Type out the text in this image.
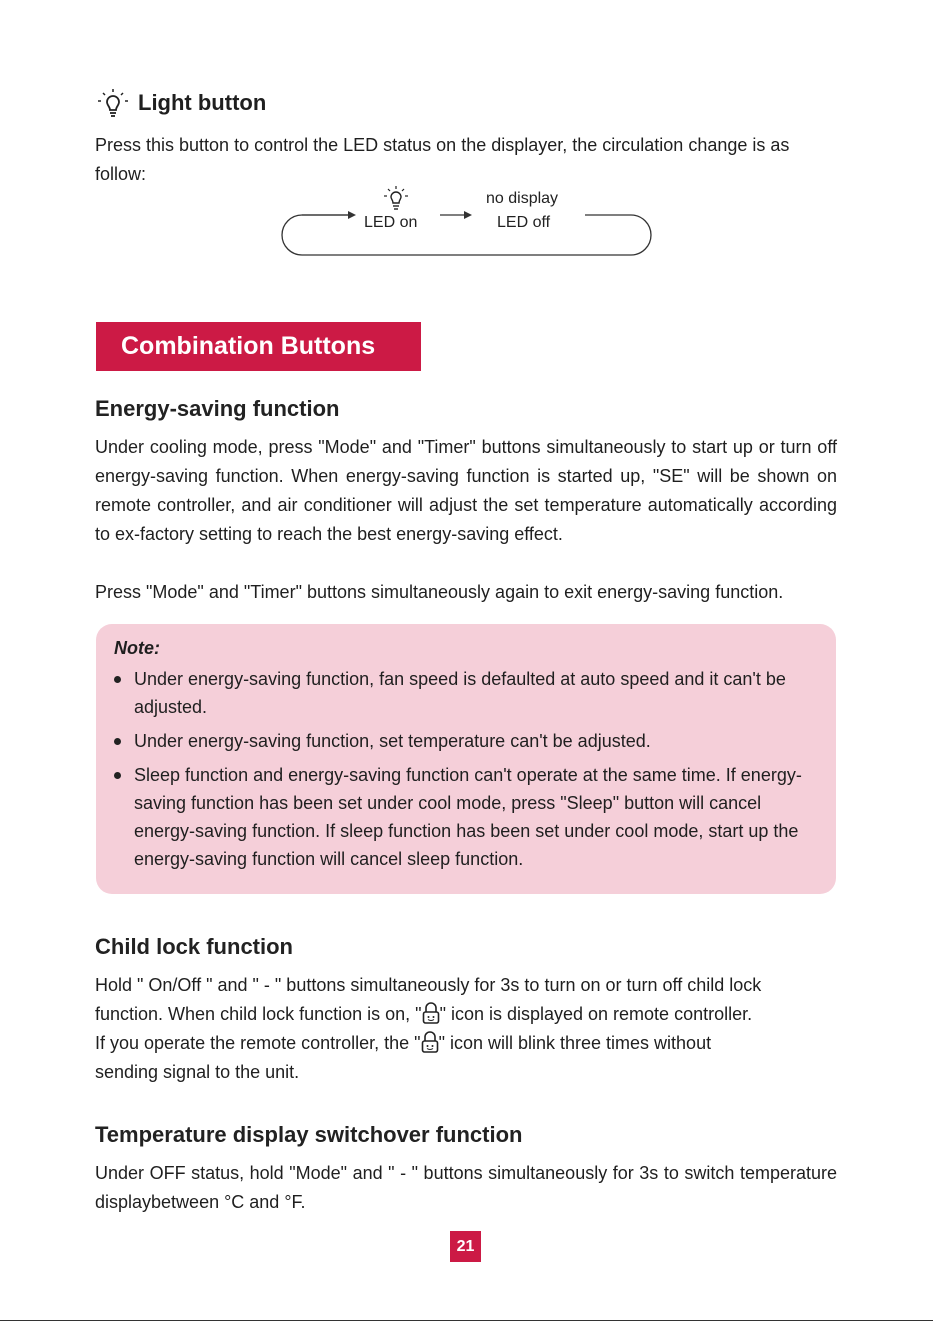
Light button

Press this button to control the LED status on the displayer, the circulation change is as follow:

LED on
no display
LED off
Combination Buttons
Energy-saving function

Under cooling mode, press "Mode" and "Timer" buttons simultaneously to start up or turn off energy-saving function. When energy-saving function is started up, "SE" will be shown on remote controller, and air conditioner will adjust the set temperature automatically according to ex-factory setting to reach the best energy-saving effect.

Press "Mode" and "Timer" buttons simultaneously again to exit energy-saving function.

Note:

Under energy-saving function, fan speed is defaulted at auto speed and it can't be adjusted.
Under energy-saving function, set temperature can't be adjusted.
Sleep function and energy-saving function can't operate at the same time. If energy-saving function has been set under cool mode, press "Sleep" button will cancel energy-saving function. If sleep function has been set under cool mode, start up the energy-saving function will cancel sleep function.
Child lock function

Hold " On/Off " and " - " buttons simultaneously for 3s to turn on or turn off child lock

function. When child lock function is on, " " icon is displayed on remote controller.

If you operate the remote controller, the " " icon will blink three times without

sending signal to the unit.

Temperature display switchover function

Under OFF status, hold "Mode" and " - " buttons simultaneously for 3s to switch temperature displaybetween °C and °F.

21
